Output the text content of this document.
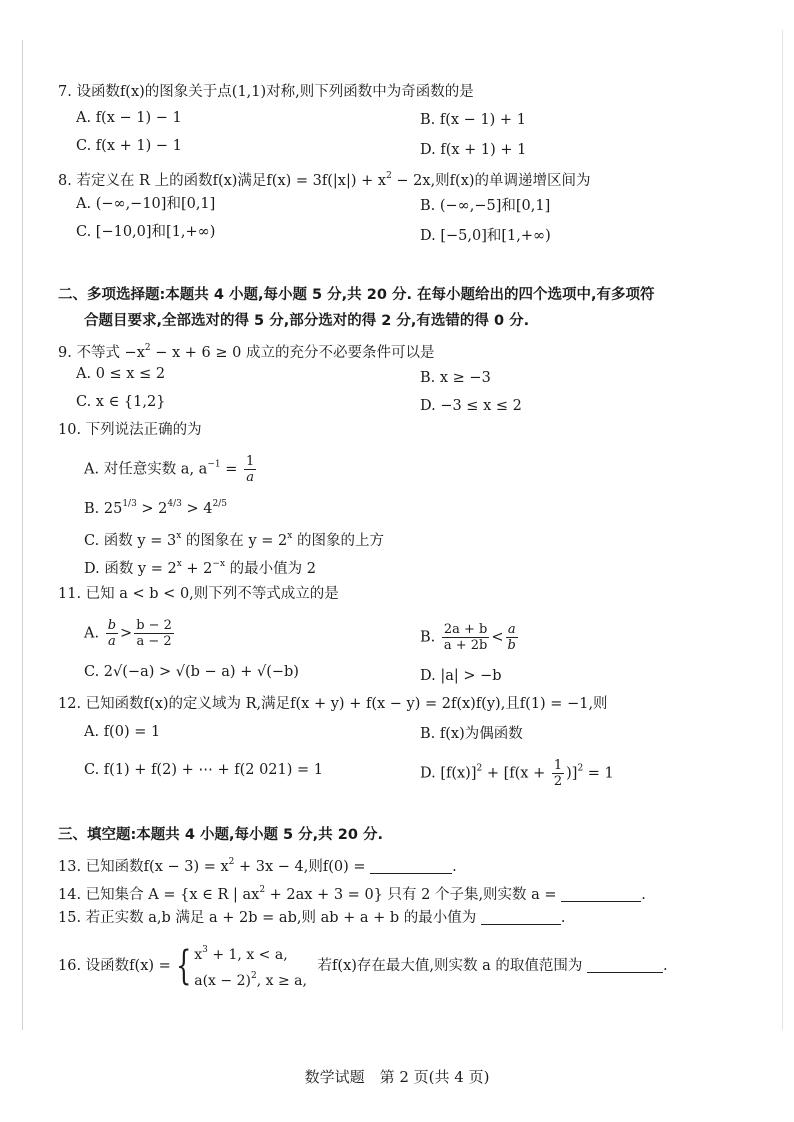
7. 设函数f(x)的图象关于点(1,1)对称,则下列函数中为奇函数的是
A. f(x − 1) − 1	B. f(x − 1) + 1
C. f(x + 1) − 1	D. f(x + 1) + 1
8. 若定义在 R 上的函数f(x)满足$f(x) = 3f(|x|) + x^2 - 2x$,则f(x)的单调递增区间为
A. (−∞,−10]和[0,1]	B. (−∞,−5]和[0,1]
C. [−10,0]和[1,+∞)	D. [−5,0]和[1,+∞)
二、多项选择题:本题共 4 小题,每小题 5 分,共 20 分. 在每小题给出的四个选项中,有多项符
合题目要求,全部选对的得 5 分,部分选对的得 2 分,有选错的得 0 分.
9. 不等式 $-x^2 - x + 6 \ge 0$ 成立的充分不必要条件可以是
A. 0 ≤ x ≤ 2	B. x ≥ −3
C. x ∈ {1,2}	D. −3 ≤ x ≤ 2
10. 下列说法正确的为
A. 对任意实数 a, $a^{-1} = \frac{1}{a}$
B. $25^{1/3} > 2^{4/3} > 4^{2/5}$
C. 函数 $y = 3^x$ 的图象在 $y = 2^x$ 的图象的上方
D. 函数 $y = 2^x + 2^{-x}$ 的最小值为 2
11. 已知 a < b < 0,则下列不等式成立的是
A. $\frac{b}{a} > \frac{b - 2}{a - 2}$	B. $\frac{2a + b}{a + 2b} < \frac{a}{b}$
C. 2√(−a) > √(b − a) + √(−b)	D. |a| > −b
12. 已知函数f(x)的定义域为 R,满足f(x + y) + f(x − y) = 2f(x)f(y),且f(1) = −1,则
A. f(0) = 1	B. f(x)为偶函数
C. f(1) + f(2) + ⋯ + f(2 021) = 1	D. $[f(x)]^2 + [f(x + \frac{1}{2} )]^2 = 1$
三、填空题:本题共 4 小题,每小题 5 分,共 20 分.
13. 已知函数$f(x - 3) = x^2 + 3x - 4$,则f(0) =	.
14. 已知集合 A = {x ∈ R | $ax^2 + 2ax + 3 = 0$} 只有 2 个子集,则实数 a =	.
15. 若正实数 a,b 满足 a + 2b = ab,则 ab + a + b 的最小值为	.
16. 设函数f(x) = { $x^3 + 1$, x < a,
$a(x - 2)^2$, x ≥ a,
若f(x)存在最大值,则实数 a 的取值范围为	.
数学试题　第 2 页(共 4 页)
